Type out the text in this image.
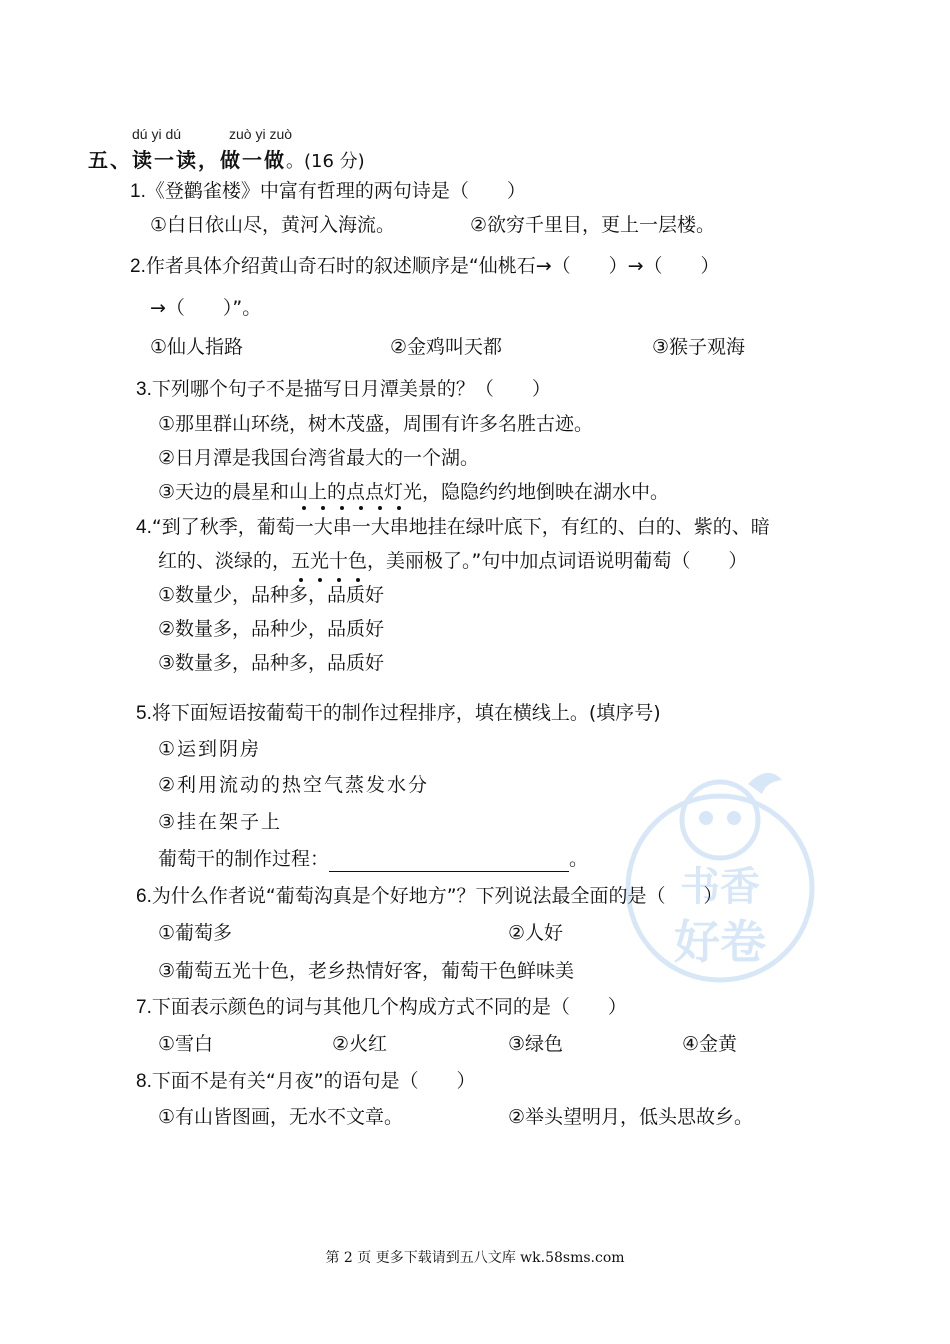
dú yi dú	zuò yi zuò
五、读一读，做一做。(16 分)
1.《登鹳雀楼》中富有哲理的两句诗是（　　）
①白日依山尽，黄河入海流。	②欲穷千里目，更上一层楼。
2.作者具体介绍黄山奇石时的叙述顺序是“仙桃石→（　　）→（　　）
→（　　）”。
①仙人指路	②金鸡叫天都	③猴子观海
3.下列哪个句子不是描写日月潭美景的？（　　）
①那里群山环绕，树木茂盛，周围有许多名胜古迹。
②日月潭是我国台湾省最大的一个湖。
③天边的晨星和山上的点点灯光，隐隐约约地倒映在湖水中。
4.“到了秋季，葡萄一大串一大串
地挂在绿叶底下，有红的、白的、紫的、暗
红的、淡绿的，五光十色
，美丽极了。”句中加点词语说明葡萄（　　）
①数量少，品种多，品质好
②数量多，品种少，品质好
③数量多，品种多，品质好
5.将下面短语按葡萄干的制作过程排序，填在横线上。(填序号)
①运到阴房
②利用流动的热空气蒸发水分
③挂在架子上
葡萄干的制作过程：	。
6.为什么作者说“葡萄沟真是个好地方”？下列说法最全面的是（　　）
①葡萄多	②人好
③葡萄五光十色，老乡热情好客，葡萄干色鲜味美
7.下面表示颜色的词与其他几个构成方式不同的是（　　）
①雪白	②火红	③绿色	④金黄
8.下面不是有关“月夜”的语句是（　　）
①有山皆图画，无水不文章。	②举头望明月，低头思故乡。
书香
好卷
第 2 页 更多下载请到五八文库 wk.58sms.com
